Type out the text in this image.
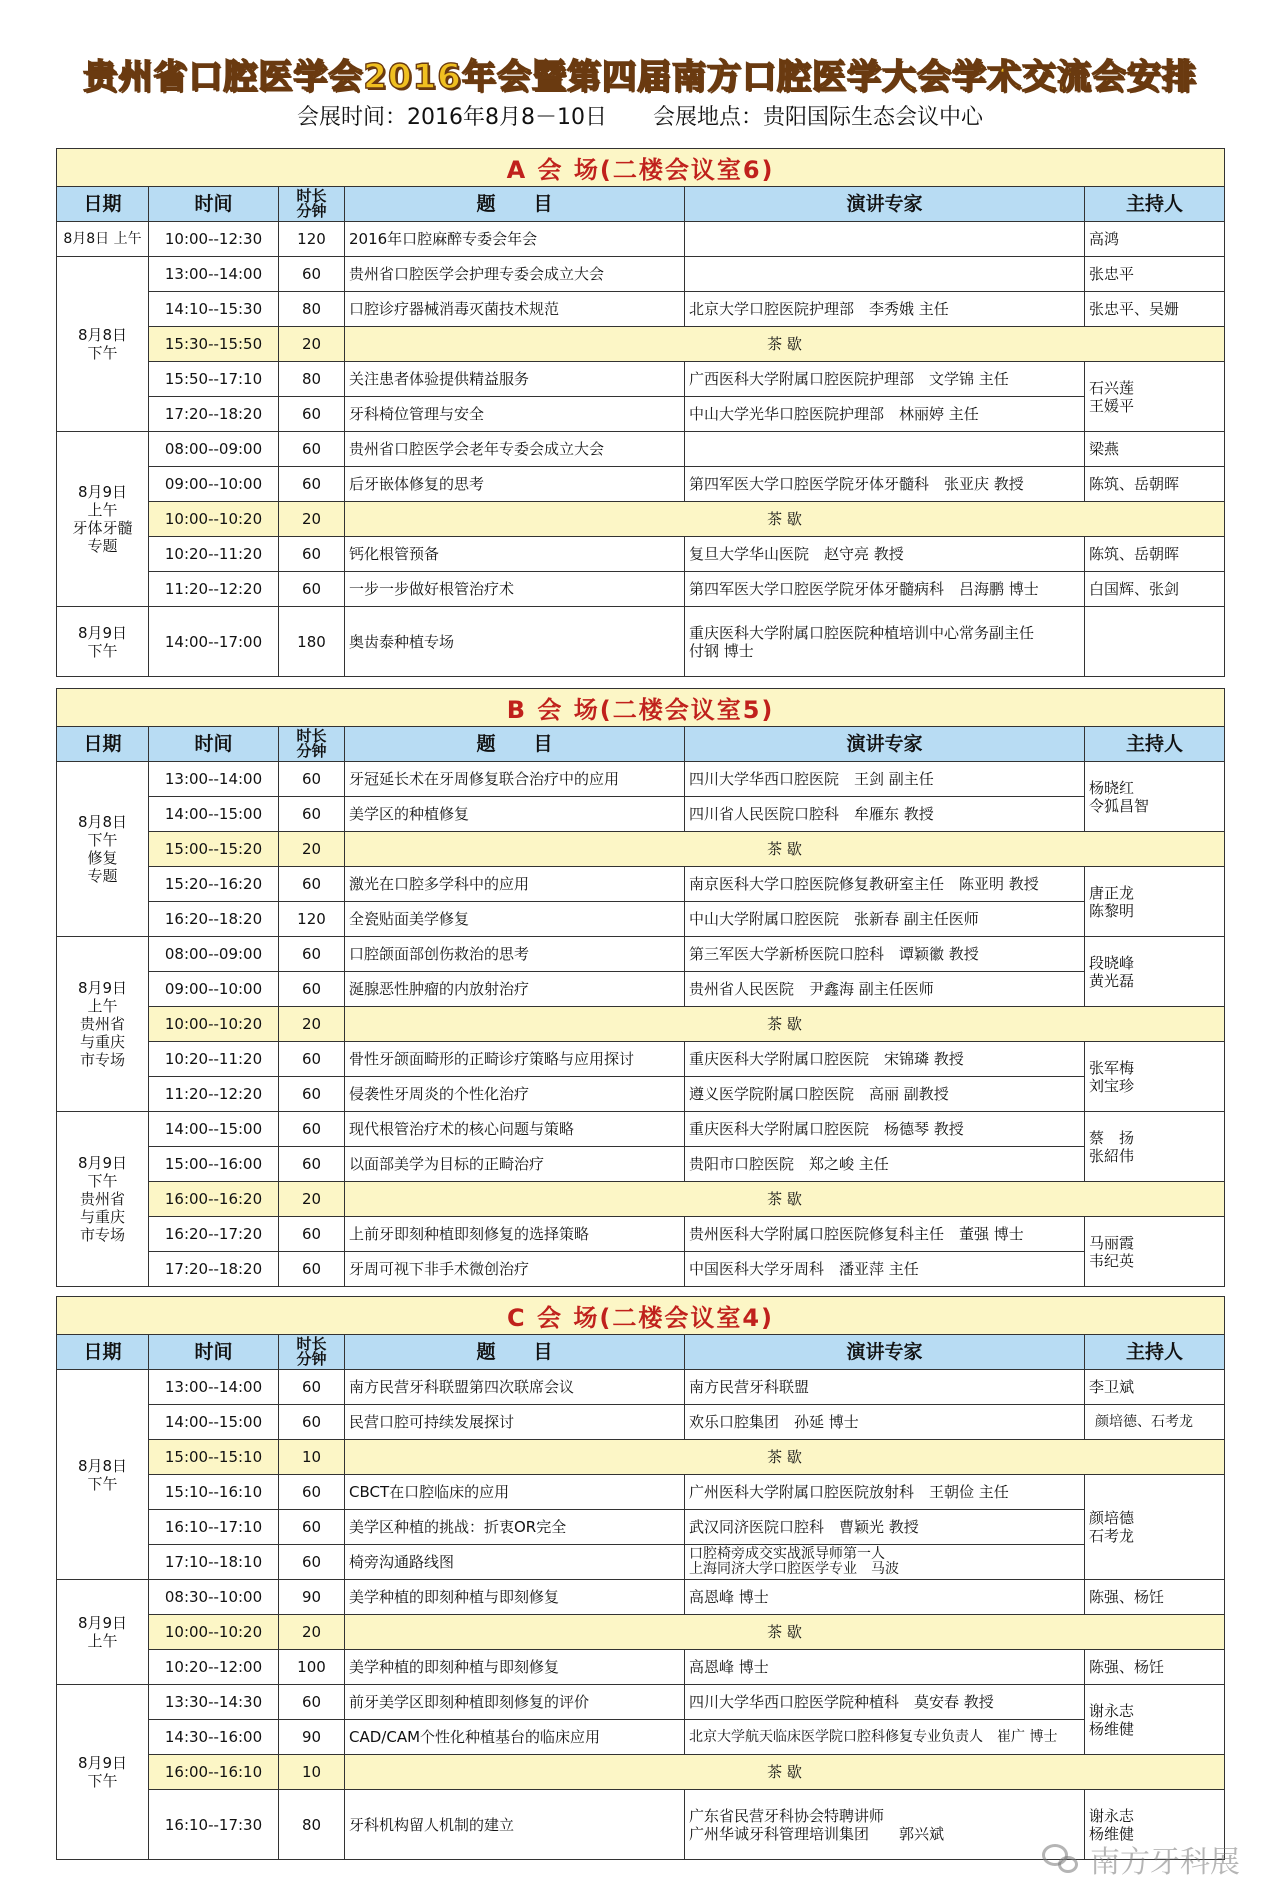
贵州省口腔医学会2016年会暨第四届南方口腔医学大会学术交流会安排
会展时间：2016年8月8－10日 会展地点：贵阳国际生态会议中心
A 会 场(二楼会议室6)					
日期	时间	时长
分钟	题　　目	演讲专家	主持人
8月8日 上午	10:00--12:30	120	2016年口腔麻醉专委会年会		高鸿
8月8日
下午	13:00--14:00	60	贵州省口腔医学会护理专委会成立大会		张忠平
	14:10--15:30	80	口腔诊疗器械消毒灭菌技术规范	北京大学口腔医院护理部　李秀娥 主任	张忠平、吴姗
	15:30--15:50	20	茶 歇		
	15:50--17:10	80	关注患者体验提供精益服务	广西医科大学附属口腔医院护理部　文学锦 主任	石兴莲
王媛平
	17:20--18:20	60	牙科椅位管理与安全	中山大学光华口腔医院护理部　林丽婷 主任	
8月9日
上午
牙体牙髓
专题	08:00--09:00	60	贵州省口腔医学会老年专委会成立大会		梁燕
	09:00--10:00	60	后牙嵌体修复的思考	第四军医大学口腔医学院牙体牙髓科　张亚庆 教授	陈筑、岳朝晖
	10:00--10:20	20	茶 歇		
	10:20--11:20	60	钙化根管预备	复旦大学华山医院　赵守亮 教授	陈筑、岳朝晖
	11:20--12:20	60	一步一步做好根管治疗术	第四军医大学口腔医学院牙体牙髓病科　吕海鹏 博士	白国辉、张剑
8月9日
下午	14:00--17:00	180	奥齿泰种植专场	重庆医科大学附属口腔医院种植培训中心常务副主任
付钢 博士	
B 会 场(二楼会议室5)					
日期	时间	时长
分钟	题　　目	演讲专家	主持人
8月8日
下午
修复
专题	13:00--14:00	60	牙冠延长术在牙周修复联合治疗中的应用	四川大学华西口腔医院　王剑 副主任	杨晓红
令狐昌智
	14:00--15:00	60	美学区的种植修复	四川省人民医院口腔科　牟雁东 教授	
	15:00--15:20	20	茶 歇		
	15:20--16:20	60	激光在口腔多学科中的应用	南京医科大学口腔医院修复教研室主任　陈亚明 教授	唐正龙
陈黎明
	16:20--18:20	120	全瓷贴面美学修复	中山大学附属口腔医院　张新春 副主任医师	
8月9日
上午
贵州省
与重庆
市专场	08:00--09:00	60	口腔颌面部创伤救治的思考	第三军医大学新桥医院口腔科　谭颖徽 教授	段晓峰
黄光磊
	09:00--10:00	60	涎腺恶性肿瘤的内放射治疗	贵州省人民医院　尹鑫海 副主任医师	
	10:00--10:20	20	茶 歇		
	10:20--11:20	60	骨性牙颌面畸形的正畸诊疗策略与应用探讨	重庆医科大学附属口腔医院　宋锦璘 教授	张军梅
刘宝珍
	11:20--12:20	60	侵袭性牙周炎的个性化治疗	遵义医学院附属口腔医院　高丽 副教授	
8月9日
下午
贵州省
与重庆
市专场	14:00--15:00	60	现代根管治疗术的核心问题与策略	重庆医科大学附属口腔医院　杨德琴 教授	蔡　扬
张紹伟
	15:00--16:00	60	以面部美学为目标的正畸治疗	贵阳市口腔医院　郑之峻 主任	
	16:00--16:20	20	茶 歇		
	16:20--17:20	60	上前牙即刻种植即刻修复的选择策略	贵州医科大学附属口腔医院修复科主任　董强 博士	马丽霞
韦纪英
	17:20--18:20	60	牙周可视下非手术微创治疗	中国医科大学牙周科　潘亚萍 主任	
C 会 场(二楼会议室4)					
日期	时间	时长
分钟	题　　目	演讲专家	主持人
8月8日
下午	13:00--14:00	60	南方民营牙科联盟第四次联席会议	南方民营牙科联盟	李卫斌
	14:00--15:00	60	民营口腔可持续发展探讨	欢乐口腔集团　孙延 博士	颜培德、石考龙
	15:00--15:10	10	茶 歇		
	15:10--16:10	60	CBCT在口腔临床的应用	广州医科大学附属口腔医院放射科　王朝俭 主任	颜培德
石考龙
	16:10--17:10	60	美学区种植的挑战：折衷OR完全	武汉同济医院口腔科　曹颖光 教授	
	17:10--18:10	60	椅旁沟通路线图	口腔椅旁成交实战派导师第一人
上海同济大学口腔医学专业　马波	
8月9日
上午	08:30--10:00	90	美学种植的即刻种植与即刻修复	高恩峰 博士	陈强、杨饪
	10:00--10:20	20	茶 歇		
	10:20--12:00	100	美学种植的即刻种植与即刻修复	高恩峰 博士	陈强、杨饪
8月9日
下午	13:30--14:30	60	前牙美学区即刻种植即刻修复的评价	四川大学华西口腔医学院种植科　莫安春 教授	谢永志
杨维健
	14:30--16:00	90	CAD/CAM个性化种植基台的临床应用	北京大学航天临床医学院口腔科修复专业负责人　崔广 博士	
	16:00--16:10	10	茶 歇		
	16:10--17:30	80	牙科机构留人机制的建立	广东省民营牙科协会特聘讲师
广州华诚牙科管理培训集团　　郭兴斌	谢永志
杨维健
南方牙科展
